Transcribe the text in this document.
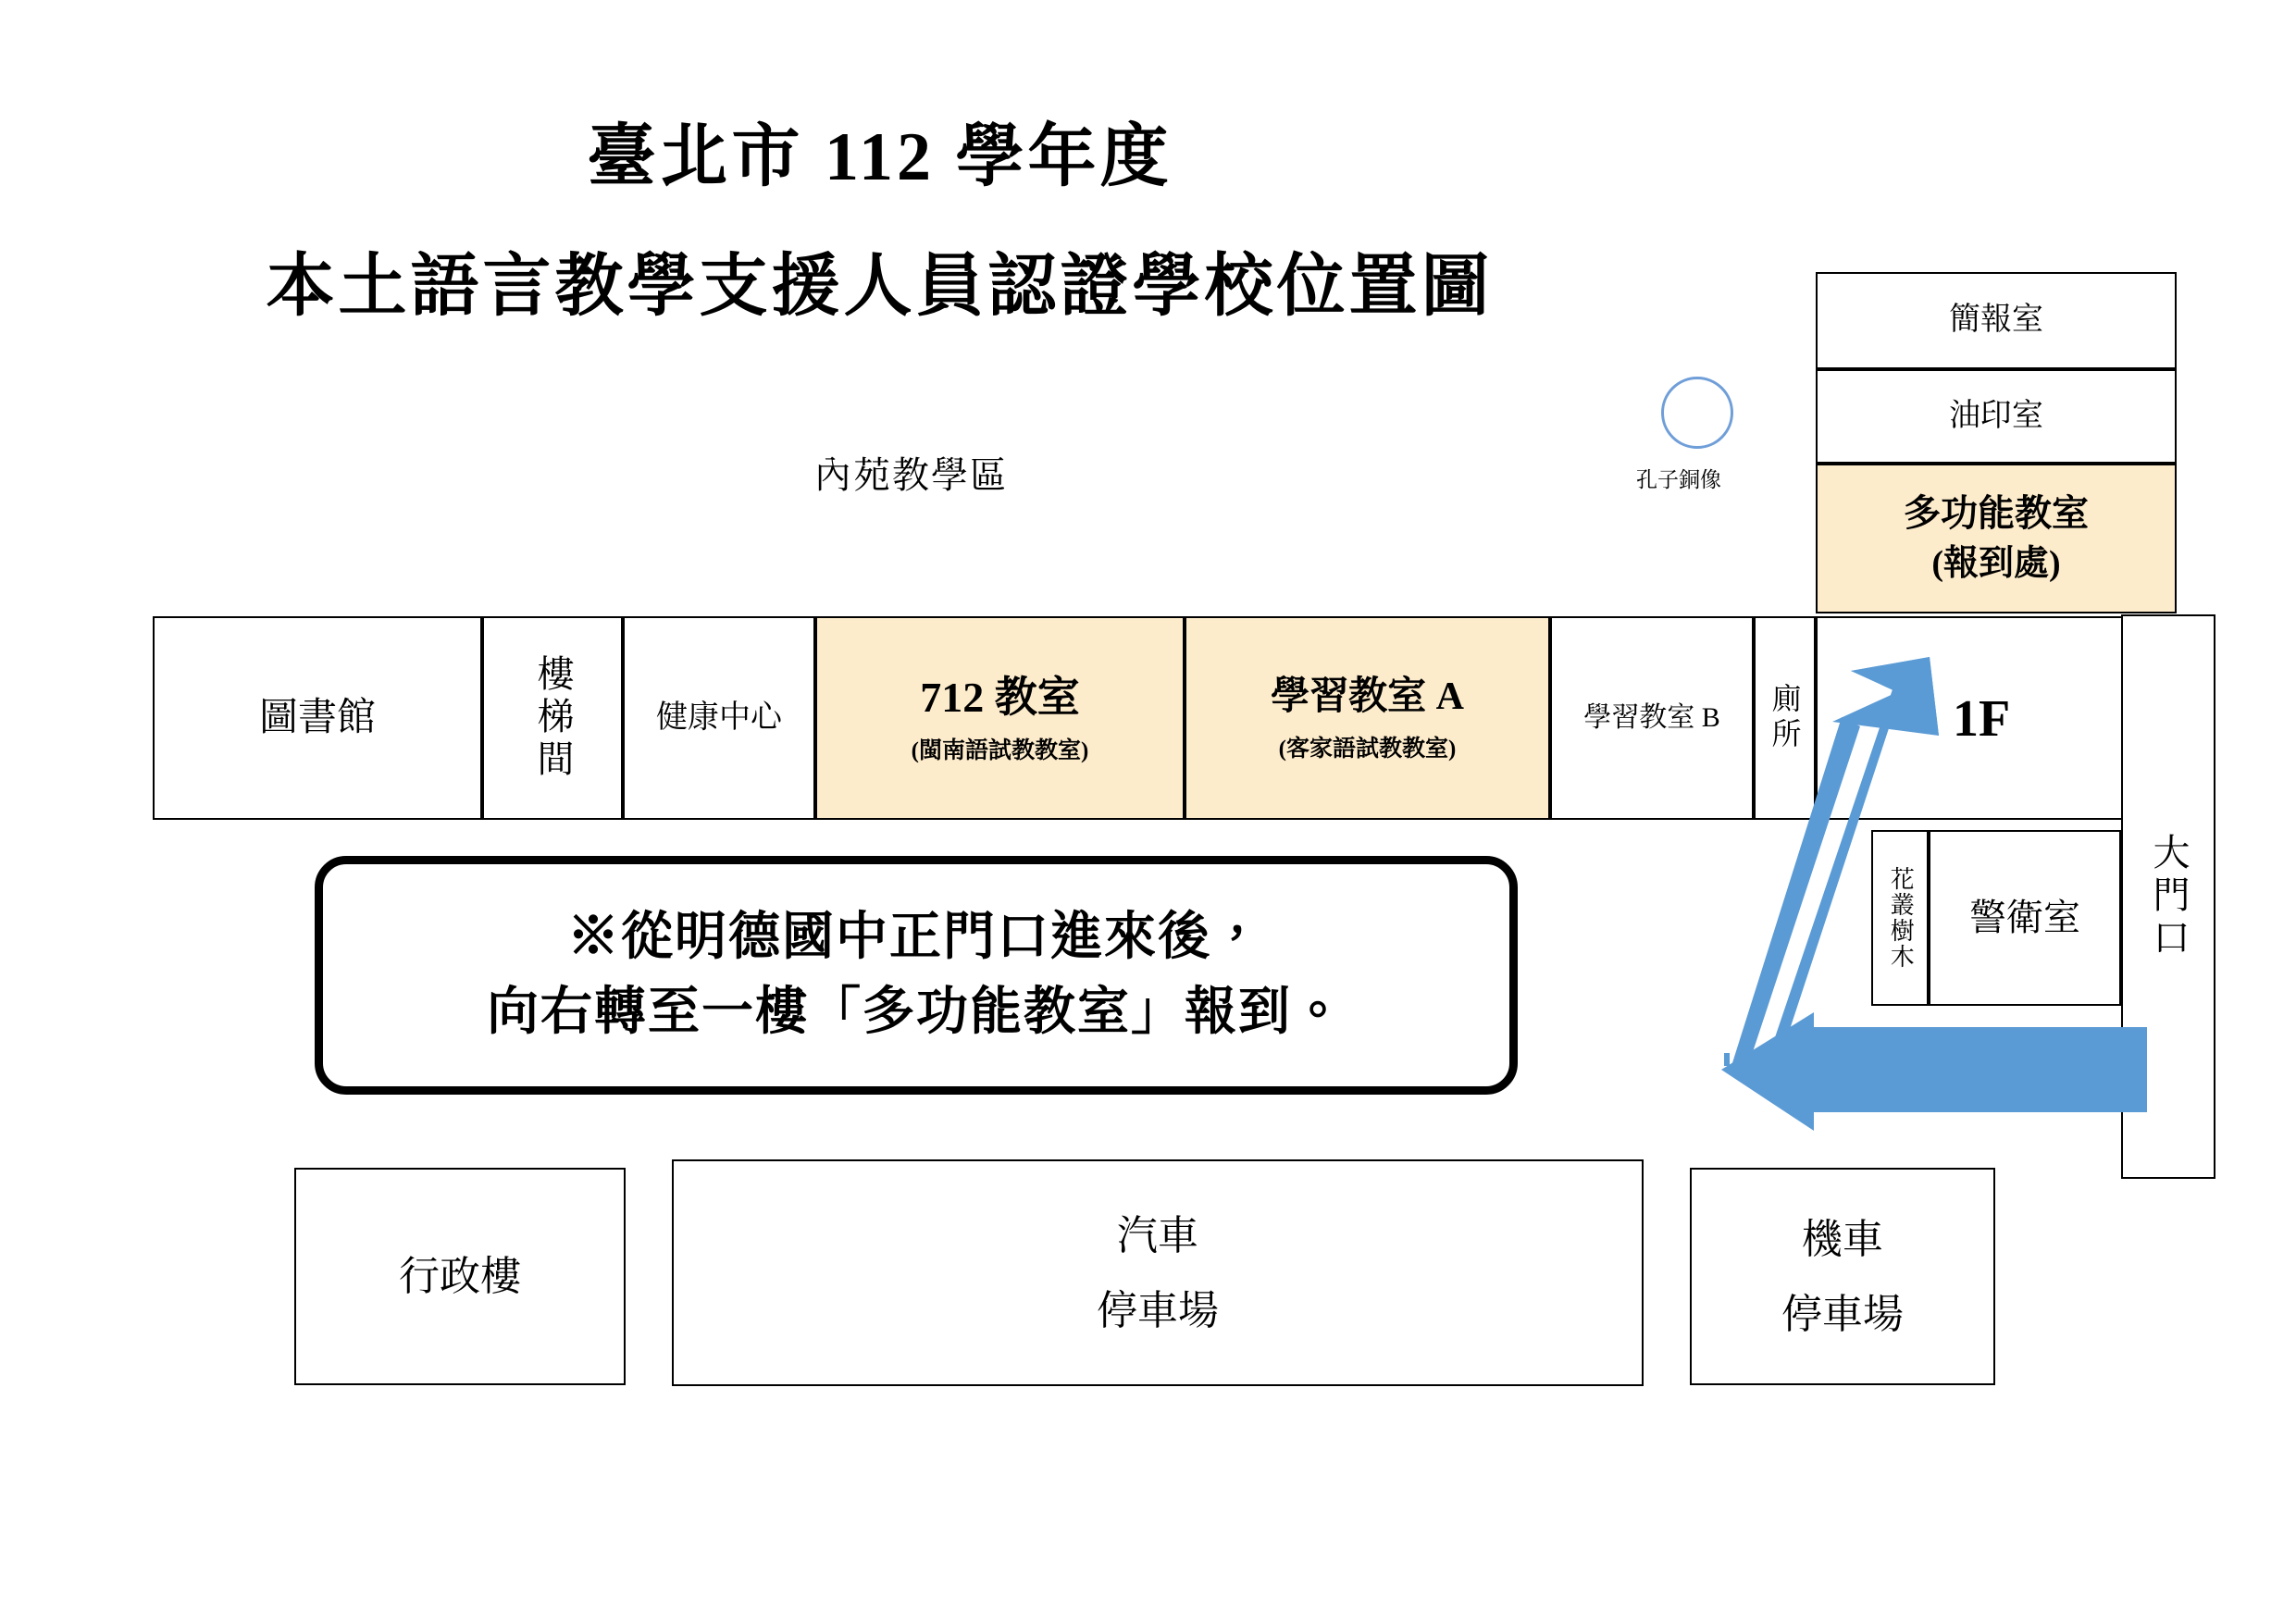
臺北市 112 學年度
本土語言教學支援人員認證學校位置圖
內苑教學區	孔子銅像
簡報室
油印室
多功能教室
(報到處)
圖書館	樓梯間	健康中心	712 教室
(閩南語試教教室)
學習教室 A
(客家語試教教室)
學習教室 B 廁所	1F
大門口
花叢樹木 警衛室
※從明德國中正門口進來後，
向右轉至一樓「多功能教室」報到。
行政樓
汽車
停車場
機車
停車場
